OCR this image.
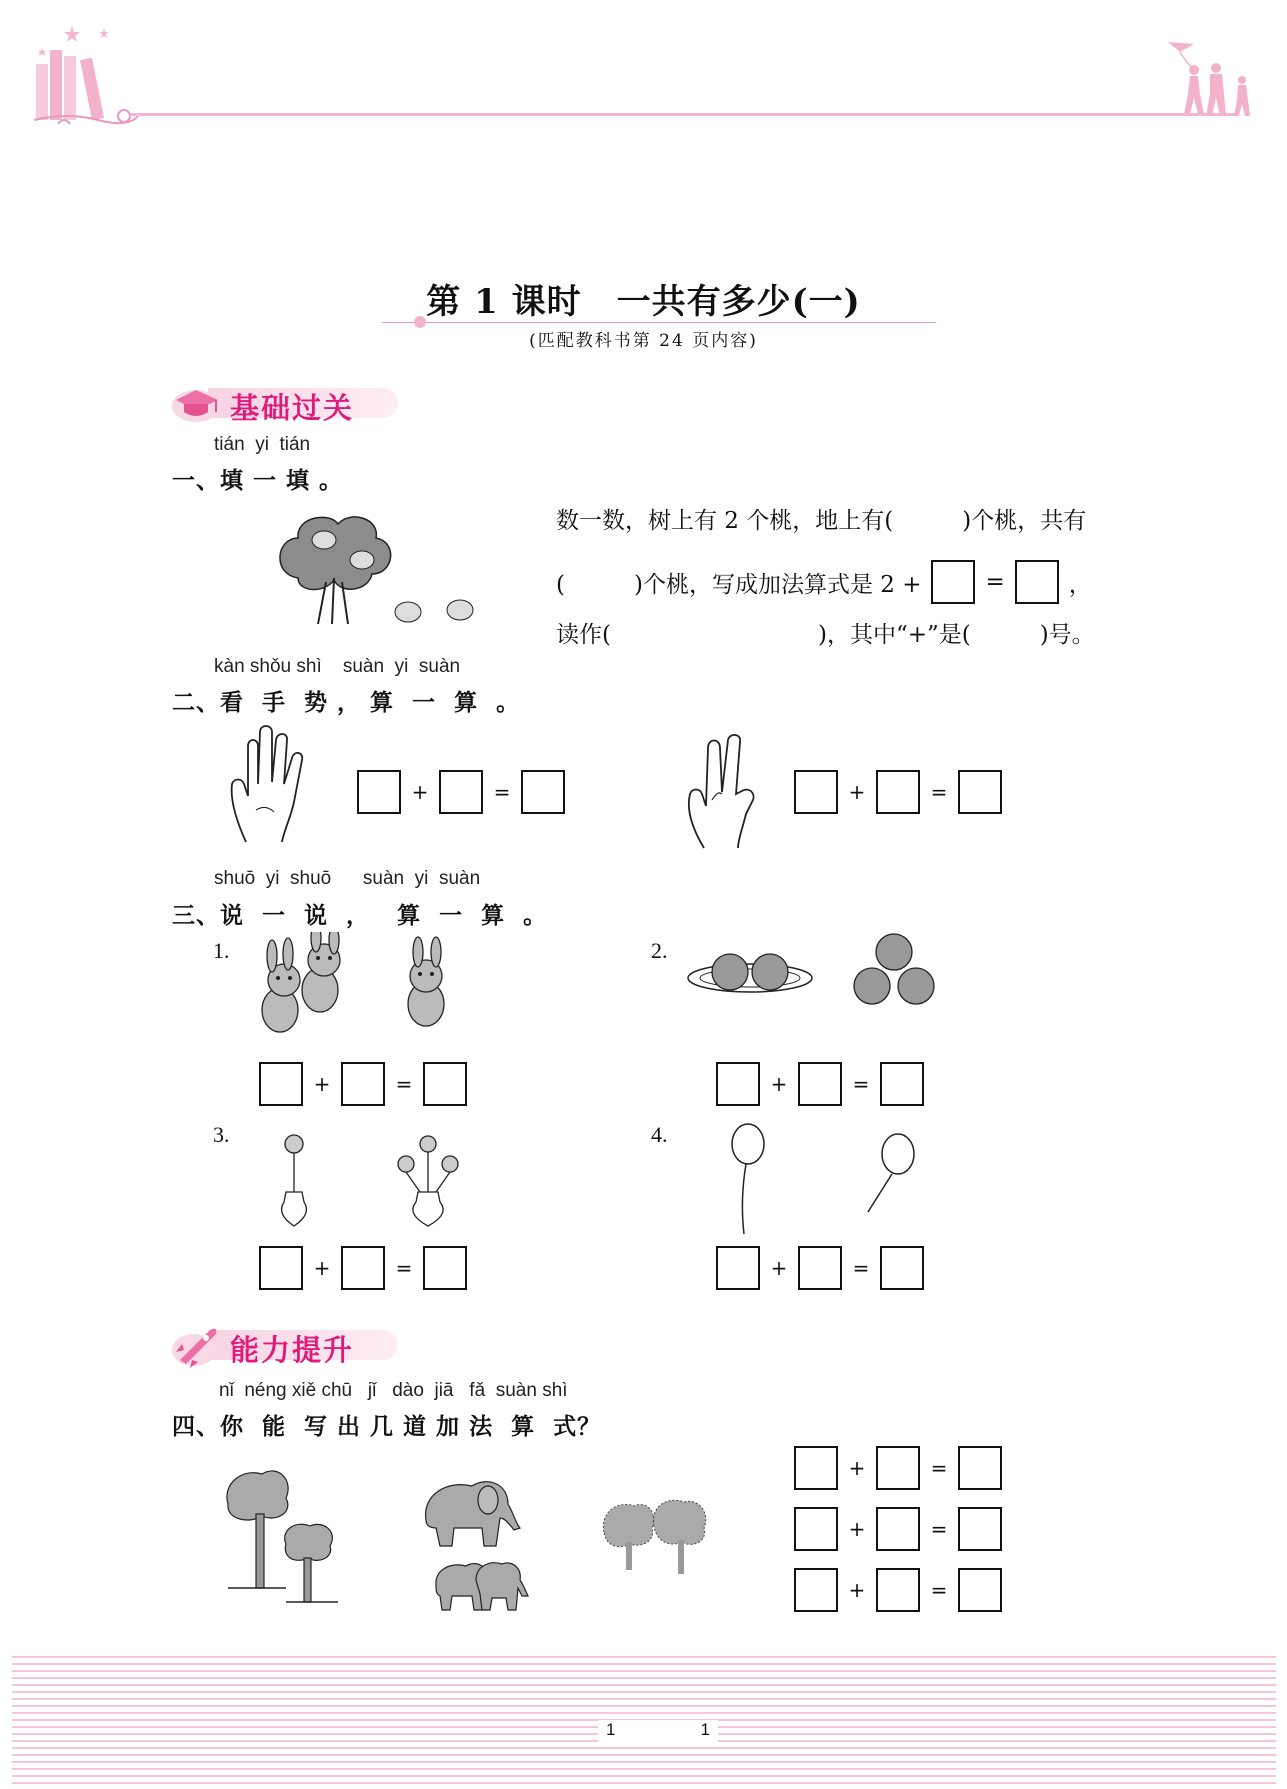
第 1 课时　一共有多少(一)
(匹配教科书第 24 页内容)
基础过关
tián  yi  tián
一、填 一 填 。
数一数，树上有 2 个桃，地上有(　　　)个桃，共有
(　　　)个桃，写成加法算式是 2 +	=	，
读作(　　　　　　　　　)，其中“+”是(　　　)号。
kàn shǒu shì    suàn  yi  suàn
二、看  手  势 ， 算  一  算  。
+	=	+	=
shuō  yi  shuō      suàn  yi  suàn
三、说  一  说  ，   算  一  算  。
1.
+	=
2.
+	=
3.
+	=
4.
+	=
能力提升
nǐ  néng xiě chū   jǐ   dào  jiā   fǎ  suàn shì
四、你  能  写 出 几 道 加 法  算  式？
+	=
+	=
+	=
1	1
